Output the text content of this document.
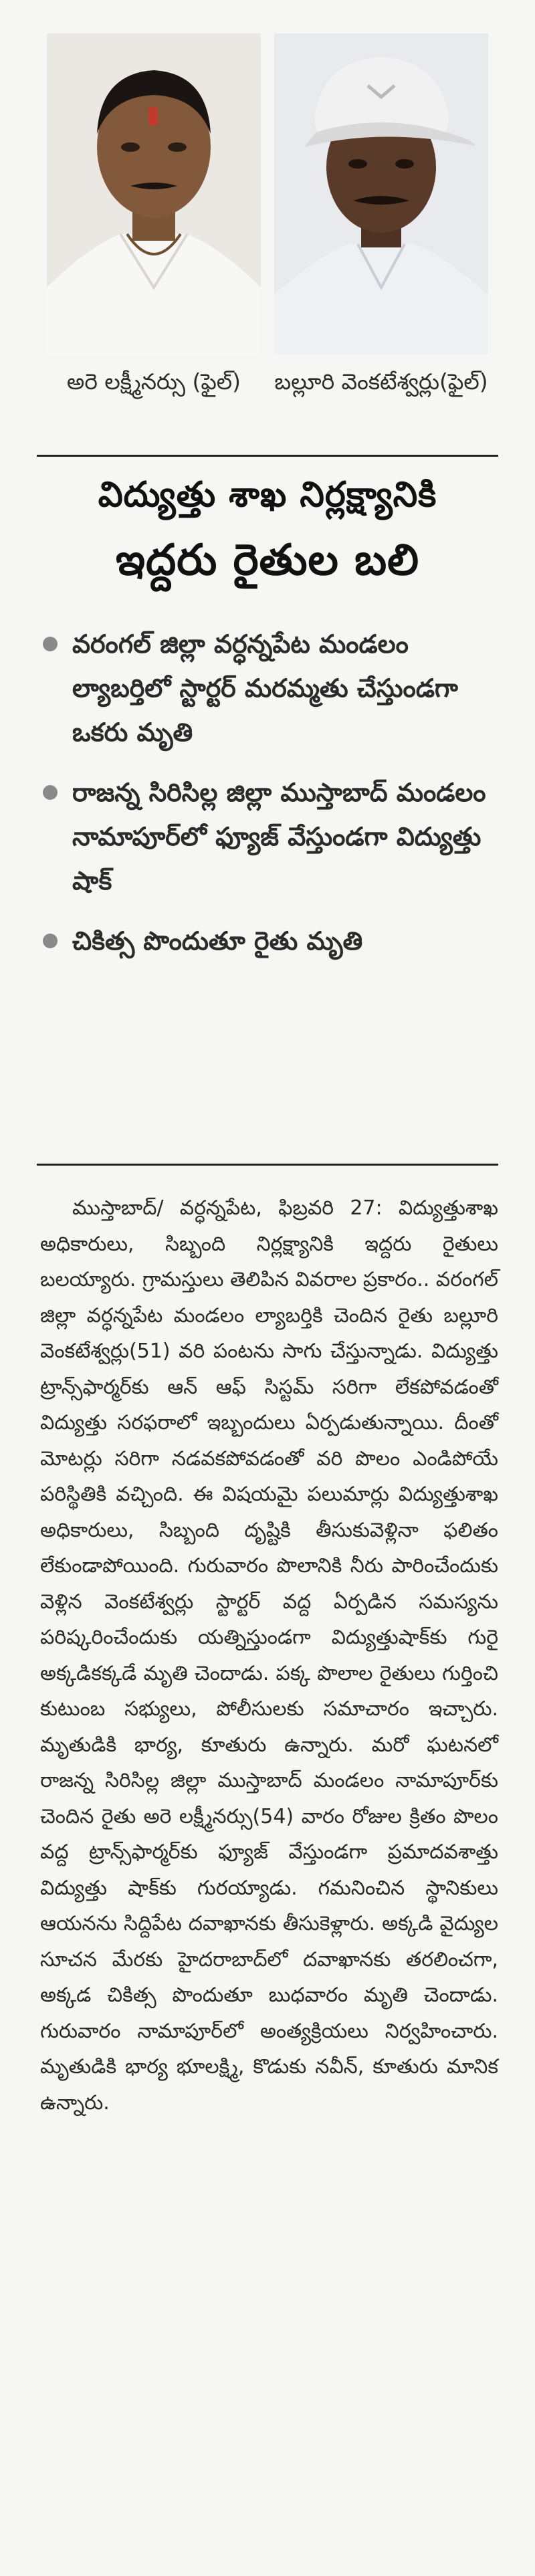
అరె లక్ష్మీనర్సు (ఫైల్)	బల్లూరి వెంకటేశ్వర్లు(ఫైల్)
విద్యుత్తు శాఖ నిర్లక్ష్యానికి
ఇద్దరు రైతుల బలి
వరంగల్ జిల్లా వర్ధన్నపేట మండలం ల్యాబర్తిలో స్టార్టర్ మరమ్మతు చేస్తుండగా ఒకరు మృతి
రాజన్న సిరిసిల్ల జిల్లా ముస్తాబాద్ మండలం నామాపూర్‌లో ఫ్యూజ్ వేస్తుండగా విద్యుత్తు షాక్
చికిత్స పొందుతూ రైతు మృతి
ముస్తాబాద్/ వర్ధన్నపేట, ఫిబ్రవరి 27: విద్యుత్తుశాఖ అధికారులు, సిబ్బంది నిర్లక్ష్యానికి ఇద్దరు రైతులు బలయ్యారు. గ్రామస్తులు తెలిపిన వివరాల ప్రకారం.. వరంగల్ జిల్లా వర్ధన్నపేట మండలం ల్యాబర్తికి చెందిన రైతు బల్లూరి వెంకటేశ్వర్లు(51) వరి పంటను సాగు చేస్తున్నాడు. విద్యుత్తు ట్రాన్స్‌ఫార్మర్‌కు ఆన్ ఆఫ్ సిస్టమ్ సరిగా లేకపోవడంతో విద్యుత్తు సరఫరాలో ఇబ్బందులు ఏర్పడుతున్నాయి. దీంతో మోటర్లు సరిగా నడవకపోవడంతో వరి పొలం ఎండిపోయే పరిస్థితికి వచ్చింది. ఈ విషయమై పలుమార్లు విద్యుత్తుశాఖ అధికారులు, సిబ్బంది దృష్టికి తీసుకువెళ్లినా ఫలితం లేకుండాపోయింది. గురువారం పొలానికి నీరు పారించేందుకు వెళ్లిన వెంకటేశ్వర్లు స్టార్టర్ వద్ద ఏర్పడిన సమస్యను పరిష్కరించేందుకు యత్నిస్తుండగా విద్యుత్తుషాక్‌కు గురై అక్కడికక్కడే మృతి చెందాడు. పక్క పొలాల రైతులు గుర్తించి కుటుంబ సభ్యులు, పోలీసులకు సమాచారం ఇచ్చారు. మృతుడికి భార్య, కూతురు ఉన్నారు. మరో ఘటనలో రాజన్న సిరిసిల్ల జిల్లా ముస్తాబాద్ మండలం నామాపూర్‌కు చెందిన రైతు అరె లక్ష్మీనర్సు(54) వారం రోజుల క్రితం పొలం వద్ద ట్రాన్స్‌ఫార్మర్‌కు ఫ్యూజ్ వేస్తుండగా ప్రమాదవశాత్తు విద్యుత్తు షాక్‌కు గురయ్యాడు. గమనించిన స్థానికులు ఆయనను సిద్దిపేట దవాఖానకు తీసుకెళ్లారు. అక్కడి వైద్యుల సూచన మేరకు హైదరాబాద్‌లో దవాఖానకు తరలించగా, అక్కడ చికిత్స పొందుతూ బుధవారం మృతి చెందాడు. గురువారం నామాపూర్‌లో అంత్యక్రియలు నిర్వహించారు. మృతుడికి భార్య భూలక్ష్మి, కొడుకు నవీన్, కూతురు మానిక ఉన్నారు.
